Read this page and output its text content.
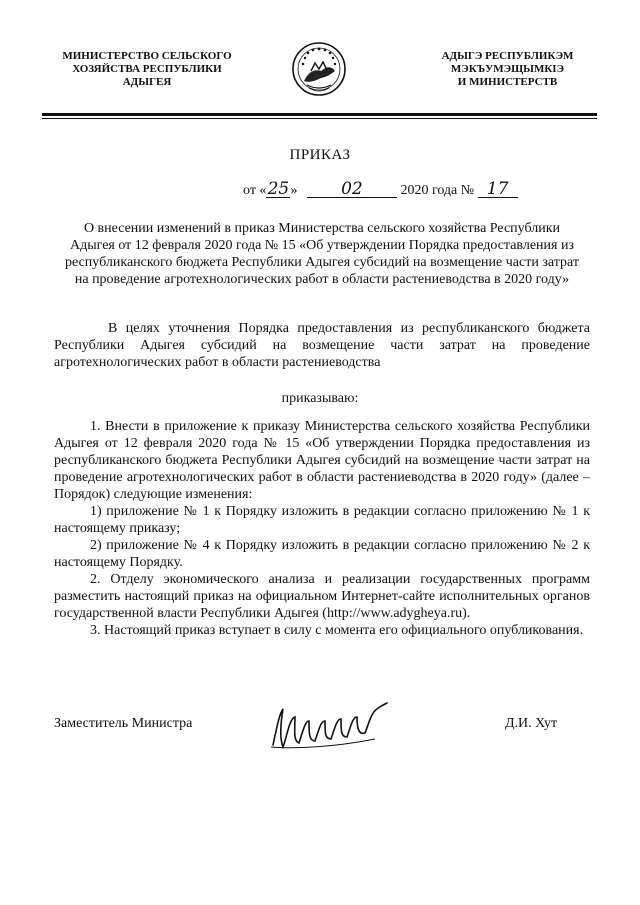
МИНИСТЕРСТВО СЕЛЬСКОГО
ХОЗЯЙСТВА РЕСПУБЛИКИ
АДЫГЕЯ
АДЫГЭ РЕСПУБЛИКЭМ
МЭКЪУМЭЩЫМКІЭ
И МИНИСТЕРСТВ
ПРИКАЗ
от «25»	02	2020 года № 17
О внесении изменений в приказ Министерства сельского хозяйства Республики Адыгея от 12 февраля 2020 года № 15 «Об утверждении Порядка предоставления из республиканского бюджета Республики Адыгея субсидий на возмещение части затрат на проведение агротехнологических работ в области растениеводства в 2020 году»
В целях уточнения Порядка предоставления из республиканского бюджета Республики Адыгея субсидий на возмещение части затрат на проведение агротехнологических работ в области растениеводства
приказываю:

1. Внести в приложение к приказу Министерства сельского хозяйства Республики Адыгея от 12 февраля 2020 года № 15 «Об утверждении Порядка предоставления из республиканского бюджета Республики Адыгея субсидий на возмещение части затрат на проведение агротехнологических работ в области растениеводства в 2020 году» (далее – Порядок) следующие изменения:

1) приложение № 1 к Порядку изложить в редакции согласно приложению № 1 к настоящему приказу;

2) приложение № 4 к Порядку изложить в редакции согласно приложению № 2 к настоящему Порядку.

2. Отделу экономического анализа и реализации государственных программ разместить настоящий приказ на официальном Интернет-сайте исполнительных органов государственной власти Республики Адыгея (http://www.adygheya.ru).

3. Настоящий приказ вступает в силу с момента его официального опубликования.

Заместитель Министра	Д.И. Хут
